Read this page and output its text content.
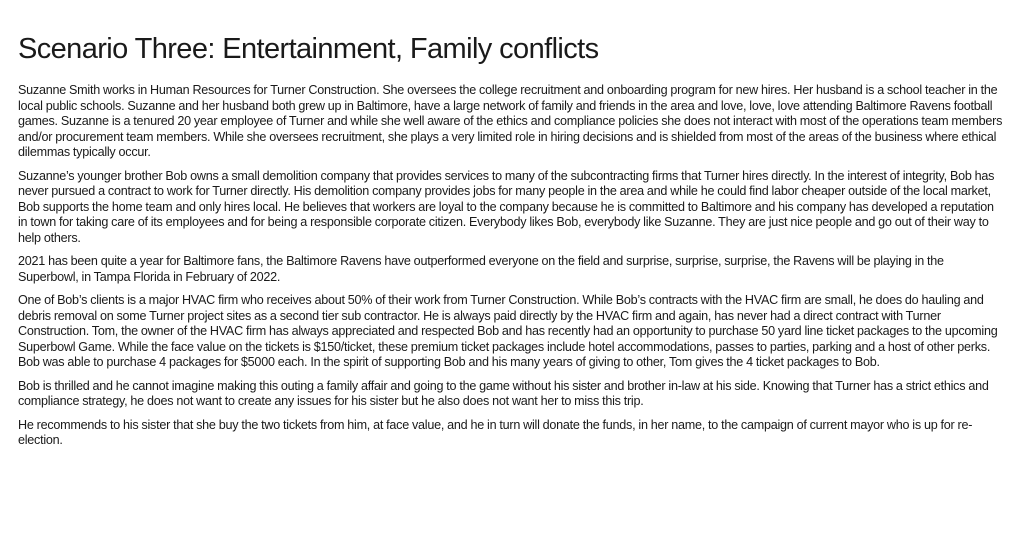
Scenario Three: Entertainment, Family conflicts

Suzanne Smith works in Human Resources for Turner Construction. She oversees the college recruitment and onboarding program for new hires. Her husband is a school teacher in the local public schools. Suzanne and her husband both grew up in Baltimore, have a large network of family and friends in the area and love, love, love attending Baltimore Ravens football games. Suzanne is a tenured 20 year employee of Turner and while she well aware of the ethics and compliance policies she does not interact with most of the operations team members and/or procurement team members. While she oversees recruitment, she plays a very limited role in hiring decisions and is shielded from most of the areas of the business where ethical dilemmas typically occur.

Suzanne’s younger brother Bob owns a small demolition company that provides services to many of the subcontracting firms that Turner hires directly. In the interest of integrity, Bob has never pursued a contract to work for Turner directly. His demolition company provides jobs for many people in the area and while he could find labor cheaper outside of the local market, Bob supports the home team and only hires local. He believes that workers are loyal to the company because he is committed to Baltimore and his company has developed a reputation in town for taking care of its employees and for being a responsible corporate citizen. Everybody likes Bob, everybody like Suzanne. They are just nice people and go out of their way to help others.

2021 has been quite a year for Baltimore fans, the Baltimore Ravens have outperformed everyone on the field and surprise, surprise, surprise, the Ravens will be playing in the Superbowl, in Tampa Florida in February of 2022.

One of Bob’s clients is a major HVAC firm who receives about 50% of their work from Turner Construction. While Bob’s contracts with the HVAC firm are small, he does do hauling and debris removal on some Turner project sites as a second tier sub contractor. He is always paid directly by the HVAC firm and again, has never had a direct contract with Turner Construction. Tom, the owner of the HVAC firm has always appreciated and respected Bob and has recently had an opportunity to purchase 50 yard line ticket packages to the upcoming Superbowl Game. While the face value on the tickets is $150/ticket, these premium ticket packages include hotel accommodations, passes to parties, parking and a host of other perks. Bob was able to purchase 4 packages for $5000 each. In the spirit of supporting Bob and his many years of giving to other, Tom gives the 4 ticket packages to Bob.

Bob is thrilled and he cannot imagine making this outing a family affair and going to the game without his sister and brother in-law at his side. Knowing that Turner has a strict ethics and compliance strategy, he does not want to create any issues for his sister but he also does not want her to miss this trip.

He recommends to his sister that she buy the two tickets from him, at face value, and he in turn will donate the funds, in her name, to the campaign of current mayor who is up for re-election.
